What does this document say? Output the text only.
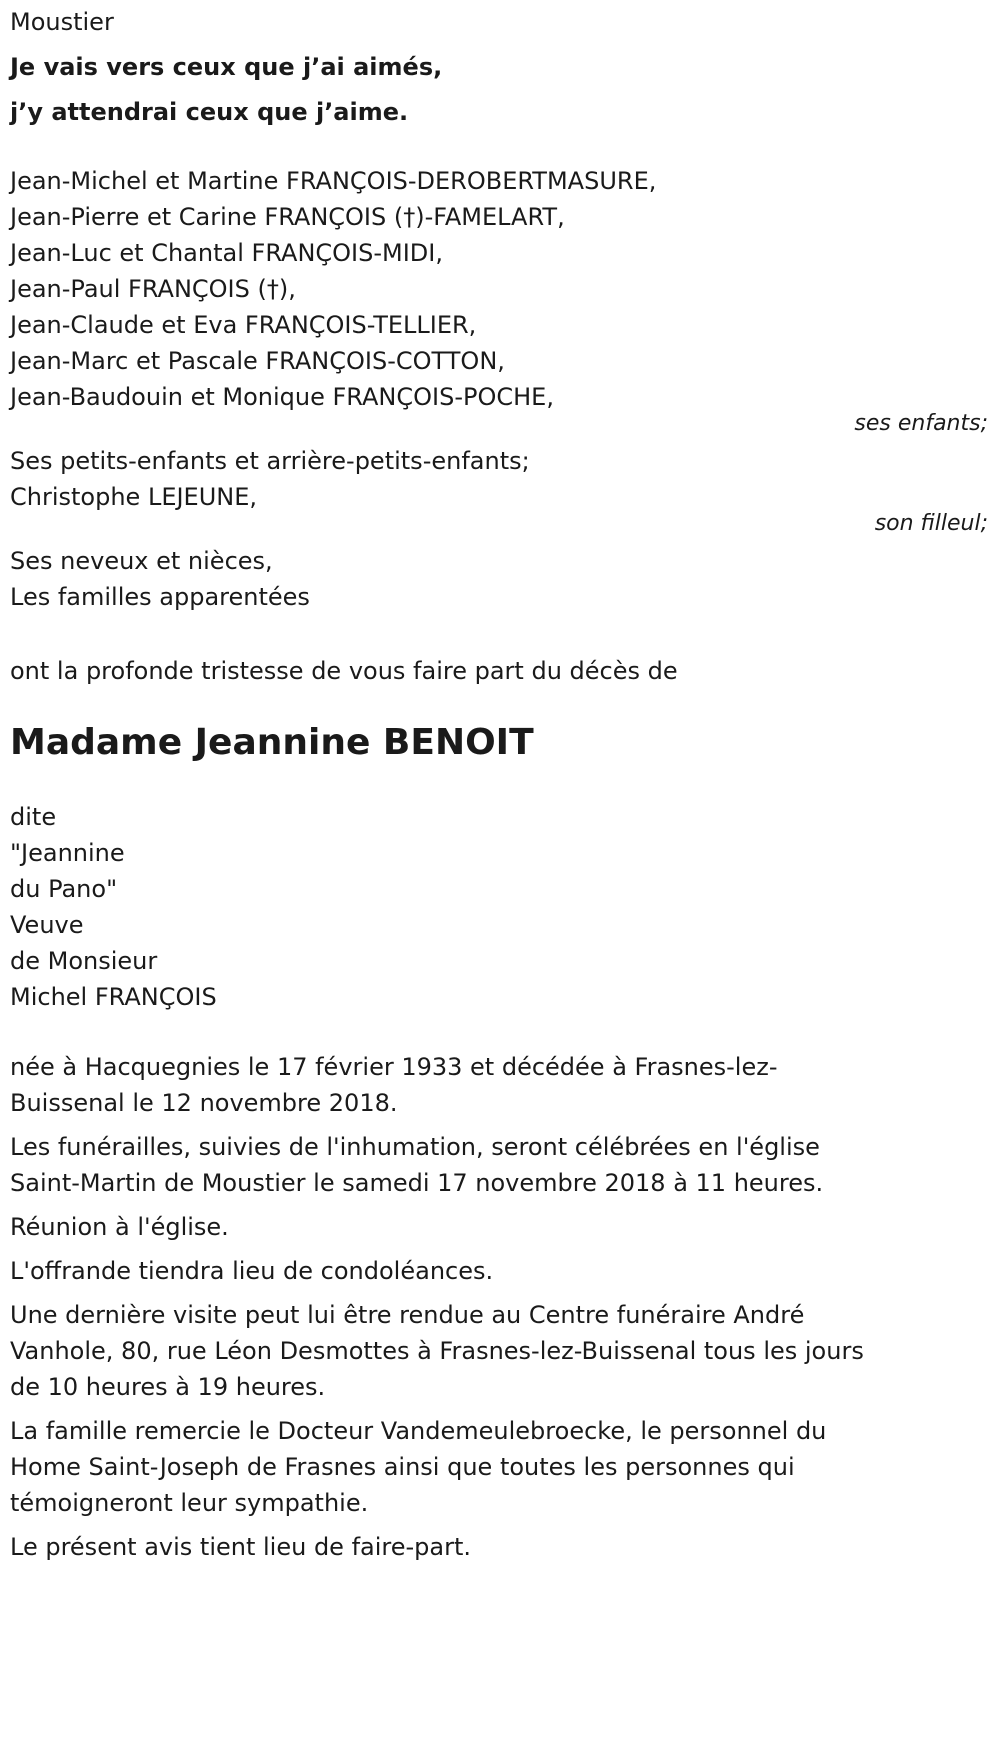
Moustier
Je vais vers ceux que j’ai aimés,
j’y attendrai ceux que j’aime.
Jean-Michel et Martine FRANÇOIS-DEROBERTMASURE,
Jean-Pierre et Carine FRANÇOIS (†)-FAMELART,
Jean-Luc et Chantal FRANÇOIS-MIDI,
Jean-Paul FRANÇOIS (†),
Jean-Claude et Eva FRANÇOIS-TELLIER,
Jean-Marc et Pascale FRANÇOIS-COTTON,
Jean-Baudouin et Monique FRANÇOIS-POCHE,
ses enfants;
Ses petits-enfants et arrière-petits-enfants;
Christophe LEJEUNE,
son filleul;
Ses neveux et nièces,
Les familles apparentées
ont la profonde tristesse de vous faire part du décès de
Madame Jeannine BENOIT
dite
"Jeannine
du Pano"
Veuve
de Monsieur
Michel FRANÇOIS

née à Hacquegnies le 17 février 1933 et décédée à Frasnes-lez-Buissenal le 12 novembre 2018.

Les funérailles, suivies de l'inhumation, seront célébrées en l'église Saint-Martin de Moustier le samedi 17 novembre 2018 à 11 heures.

Réunion à l'église.

L'offrande tiendra lieu de condoléances.

Une dernière visite peut lui être rendue au Centre funéraire André Vanhole, 80, rue Léon Desmottes à Frasnes-lez-Buissenal tous les jours de 10 heures à 19 heures.

La famille remercie le Docteur Vandemeulebroecke, le personnel du Home Saint-Joseph de Frasnes ainsi que toutes les personnes qui témoigneront leur sympathie.

Le présent avis tient lieu de faire-part.
